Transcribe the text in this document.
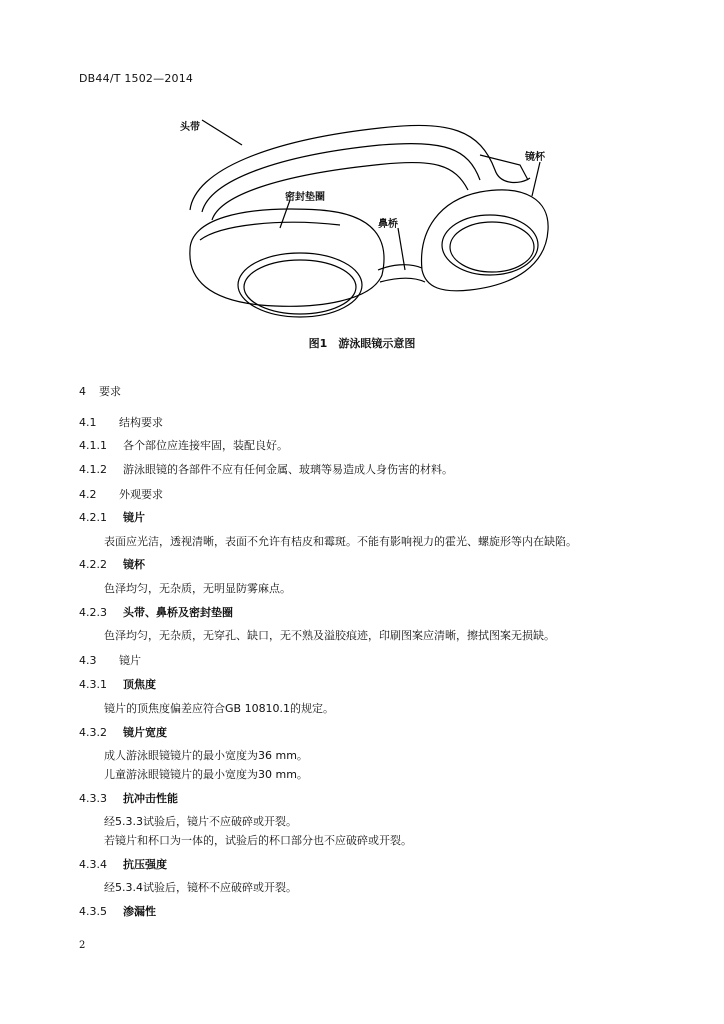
DB44/T 1502—2014
头带
镜杯
密封垫圈
鼻桥
图1　游泳眼镜示意图
4 要求
4.1 结构要求
4.1.1 各个部位应连接牢固，装配良好。
4.1.2 游泳眼镜的各部件不应有任何金属、玻璃等易造成人身伤害的材料。
4.2 外观要求
4.2.1 镜片
表面应光洁，透视清晰，表面不允许有桔皮和霉斑。不能有影响视力的霍光、螺旋形等内在缺陷。
4.2.2 镜杯
色泽均匀，无杂质，无明显防雾麻点。
4.2.3 头带、鼻桥及密封垫圈
色泽均匀，无杂质，无穿孔、缺口，无不熟及溢胶痕迹，印刷图案应清晰，擦拭图案无损缺。
4.3 镜片
4.3.1 顶焦度
镜片的顶焦度偏差应符合GB 10810.1的规定。
4.3.2 镜片宽度
成人游泳眼镜镜片的最小宽度为36 mm。
儿童游泳眼镜镜片的最小宽度为30 mm。
4.3.3 抗冲击性能
经5.3.3试验后，镜片不应破碎或开裂。
若镜片和杯口为一体的，试验后的杯口部分也不应破碎或开裂。
4.3.4 抗压强度
经5.3.4试验后，镜杯不应破碎或开裂。
4.3.5 渗漏性
2
